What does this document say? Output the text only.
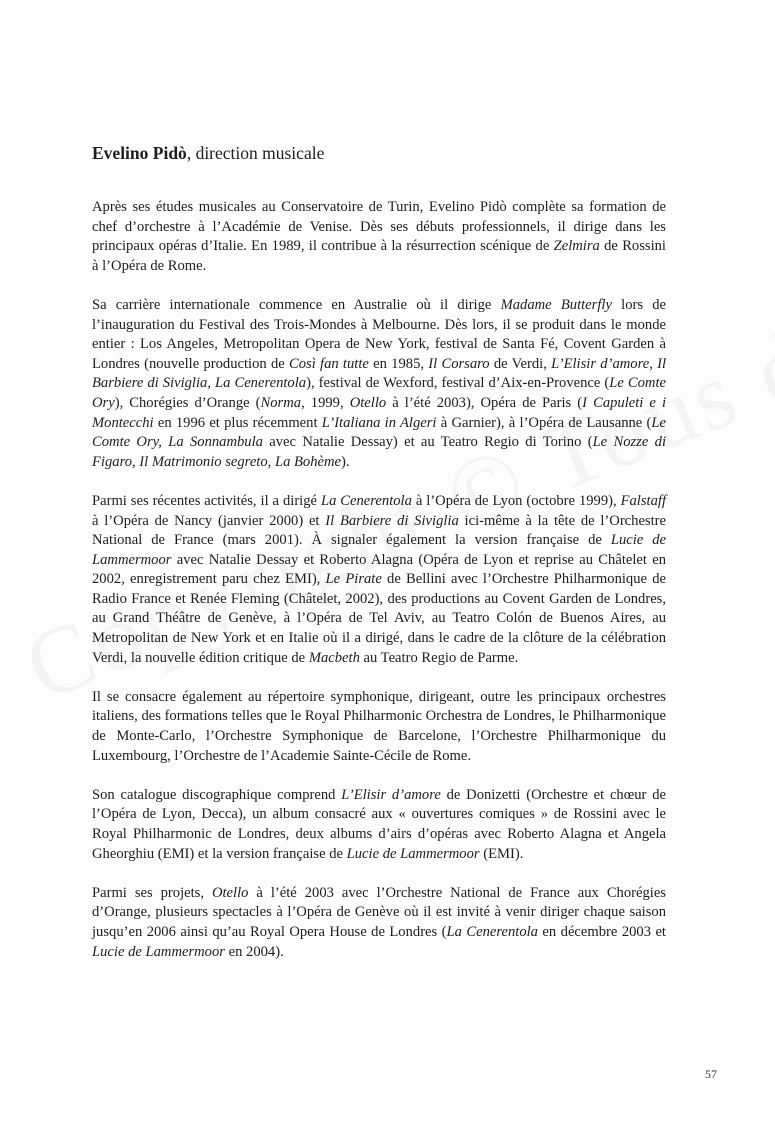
Evelino Pidò, direction musicale

Après ses études musicales au Conservatoire de Turin, Evelino Pidò complète sa formation de chef d’orchestre à l’Académie de Venise. Dès ses débuts professionnels, il dirige dans les principaux opéras d’Italie. En 1989, il contribue à la résurrection scénique de Zelmira de Rossini à l’Opéra de Rome.

Sa carrière internationale commence en Australie où il dirige Madame Butterfly lors de l’inauguration du Festival des Trois-Mondes à Melbourne. Dès lors, il se produit dans le monde entier : Los Angeles, Metropolitan Opera de New York, festival de Santa Fé, Covent Garden à Londres (nouvelle production de Così fan tutte en 1985, Il Corsaro de Verdi, L’Elisir d’amore, Il Barbiere di Siviglia, La Cenerentola), festival de Wexford, festival d’Aix-en-Provence (Le Comte Ory), Chorégies d’Orange (Norma, 1999, Otello à l’été 2003), Opéra de Paris (I Capuleti e i Montecchi en 1996 et plus récemment L’Italiana in Algeri à Garnier), à l’Opéra de Lausanne (Le Comte Ory, La Sonnambula avec Natalie Dessay) et au Teatro Regio di Torino (Le Nozze di Figaro, Il Matrimonio segreto, La Bohème).

Parmi ses récentes activités, il a dirigé La Cenerentola à l’Opéra de Lyon (octobre 1999), Falstaff à l’Opéra de Nancy (janvier 2000) et Il Barbiere di Siviglia ici-même à la tête de l’Orchestre National de France (mars 2001). À signaler également la version française de Lucie de Lammermoor avec Natalie Dessay et Roberto Alagna (Opéra de Lyon et reprise au Châtelet en 2002, enregistrement paru chez EMI), Le Pirate de Bellini avec l’Orchestre Philharmonique de Radio France et Renée Fleming (Châtelet, 2002), des productions au Covent Garden de Londres, au Grand Théâtre de Genève, à l’Opéra de Tel Aviv, au Teatro Colón de Buenos Aires, au Metropolitan de New York et en Italie où il a dirigé, dans le cadre de la clôture de la célébration Verdi, la nouvelle édition critique de Macbeth au Teatro Regio de Parme.

Il se consacre également au répertoire symphonique, dirigeant, outre les principaux orchestres italiens, des formations telles que le Royal Philharmonic Orchestra de Londres, le Philharmonique de Monte-Carlo, l’Orchestre Symphonique de Barcelone, l’Orchestre Philharmonique du Luxembourg, l’Orchestre de l’Academie Sainte-Cécile de Rome.

Son catalogue discographique comprend L’Elisir d’amore de Donizetti (Orchestre et chœur de l’Opéra de Lyon, Decca), un album consacré aux « ouvertures comiques » de Rossini avec le Royal Philharmonic de Londres, deux albums d’airs d’opéras avec Roberto Alagna et Angela Gheorghiu (EMI) et la version française de Lucie de Lammermoor (EMI).

Parmi ses projets, Otello à l’été 2003 avec l’Orchestre National de France aux Chorégies d’Orange, plusieurs spectacles à l’Opéra de Genève où il est invité à venir diriger chaque saison jusqu’en 2006 ainsi qu’au Royal Opera House de Londres (La Cenerentola en décembre 2003 et Lucie de Lammermoor en 2004).

57
